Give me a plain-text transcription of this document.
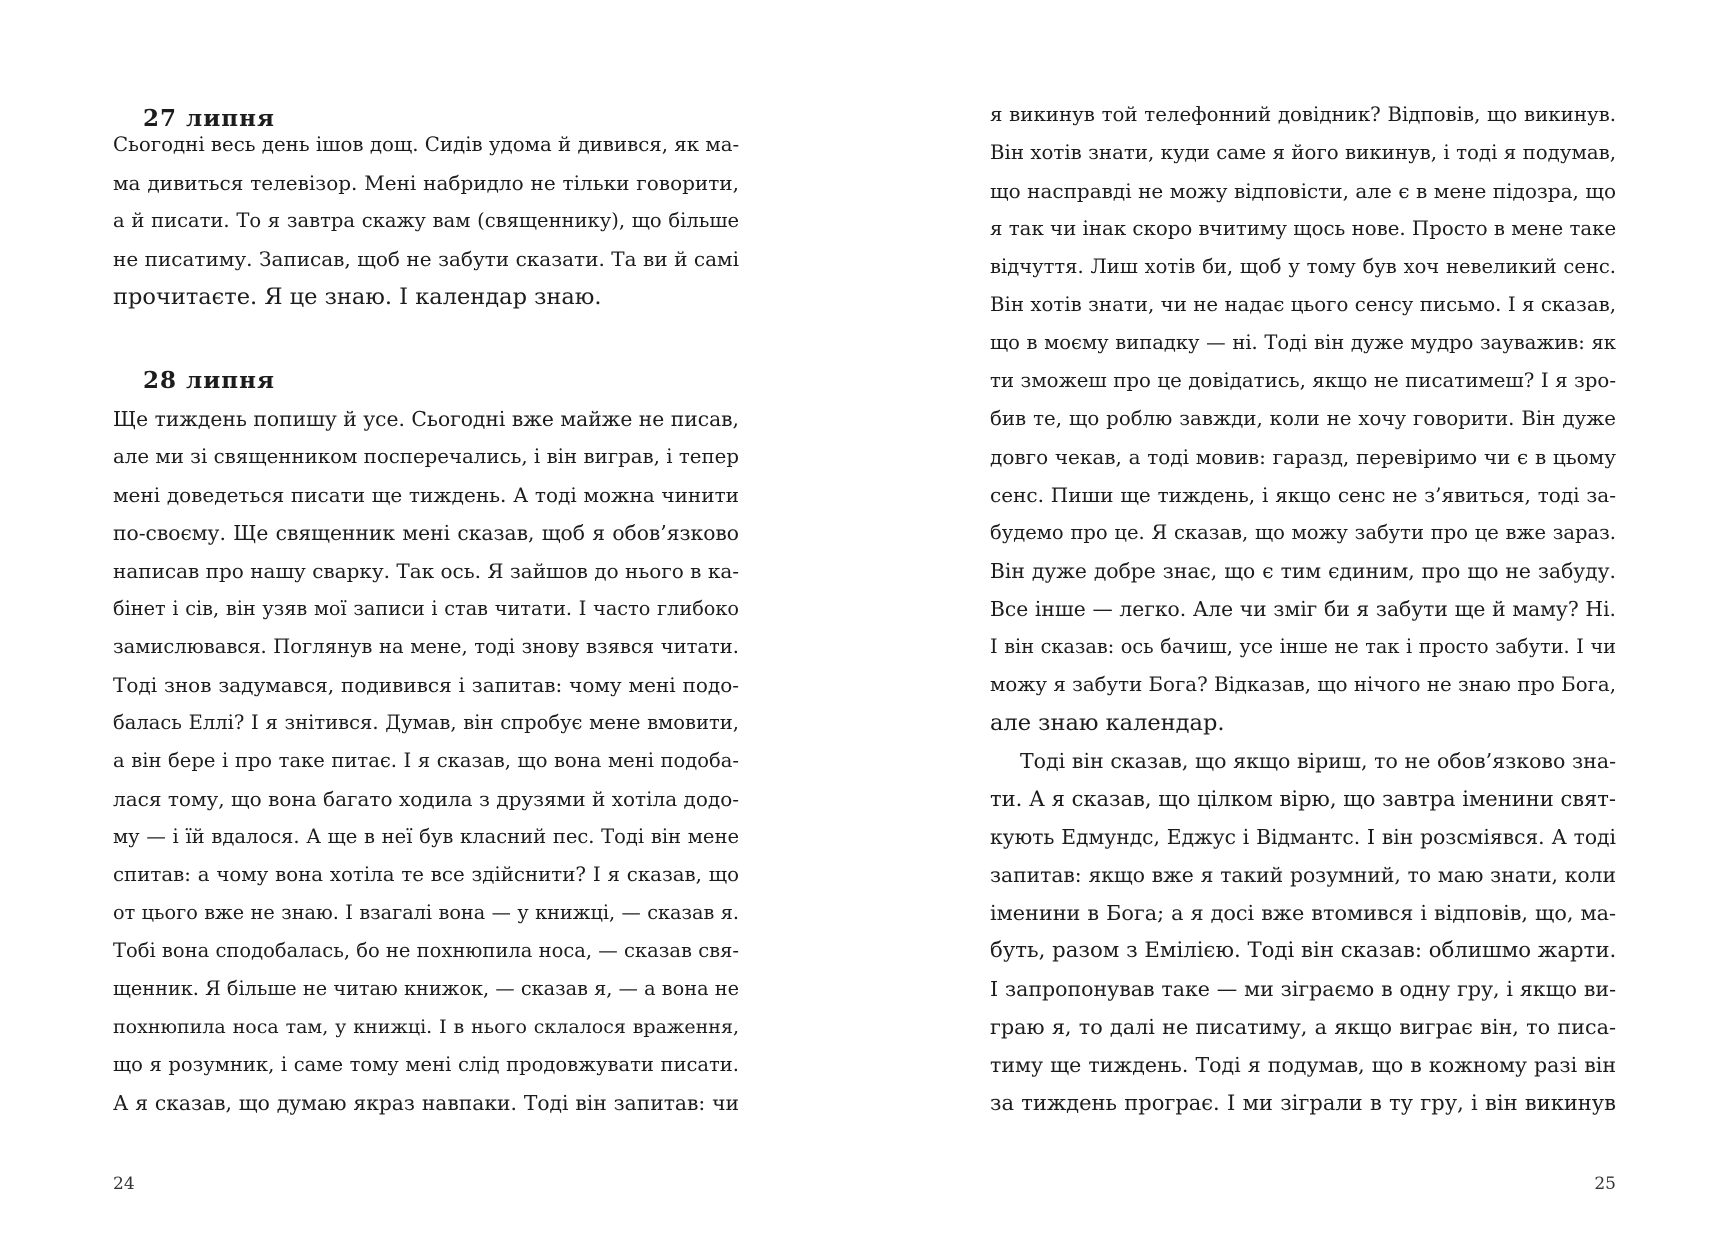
27 липня
Сьогодні весь день ішов дощ. Сидів удома й дивився, як ма-
ма дивиться телевізор. Мені набридло не тільки говорити,
а й писати. То я завтра скажу вам (священнику), що більше
не писатиму. Записав, щоб не забути сказати. Та ви й самі
прочитаєте. Я це знаю. І календар знаю.
28 липня
Ще тиждень попишу й усе. Сьогодні вже майже не писав,
але ми зі священником посперечались, і він виграв, і тепер
мені доведеться писати ще тиждень. А тоді можна чинити
по-своєму. Ще священник мені сказав, щоб я обов’язково
написав про нашу сварку. Так ось. Я зайшов до нього в ка-
бінет і сів, він узяв мої записи і став читати. І часто глибоко
замислювався. Поглянув на мене, тоді знову взявся читати.
Тоді знов задумався, подивився і запитав: чому мені подо-
балась Еллі? І я знітився. Думав, він спробує мене вмовити,
а він бере і про таке питає. І я сказав, що вона мені подоба-
лася тому, що вона багато ходила з друзями й хотіла додо-
му — і їй вдалося. А ще в неї був класний пес. Тоді він мене
спитав: а чому вона хотіла те все здійснити? І я сказав, що
от цього вже не знаю. І взагалі вона — у книжці, — сказав я.
Тобі вона сподобалась, бо не похнюпила носа, — сказав свя-
щенник. Я більше не читаю книжок, — сказав я, — а вона не
похнюпила носа там, у книжці. І в нього склалося враження,
що я розумник, і саме тому мені слід продовжувати писати.
А я сказав, що думаю якраз навпаки. Тоді він запитав: чи
24
я викинув той телефонний довідник? Відповів, що викинув.
Він хотів знати, куди саме я його викинув, і тоді я подумав,
що насправді не можу відповісти, але є в мене підозра, що
я так чи інак скоро вчитиму щось нове. Просто в мене таке
відчуття. Лиш хотів би, щоб у тому був хоч невеликий сенс.
Він хотів знати, чи не надає цього сенсу письмо. І я сказав,
що в моєму випадку — ні. Тоді він дуже мудро зауважив: як
ти зможеш про це довідатись, якщо не писатимеш? І я зро-
бив те, що роблю завжди, коли не хочу говорити. Він дуже
довго чекав, а тоді мовив: гаразд, перевіримо чи є в цьому
сенс. Пиши ще тиждень, і якщо сенс не з’явиться, тоді за-
будемо про це. Я сказав, що можу забути про це вже зараз.
Він дуже добре знає, що є тим єдиним, про що не забуду.
Все інше — легко. Але чи зміг би я забути ще й маму? Ні.
І він сказав: ось бачиш, усе інше не так і просто забути. І чи
можу я забути Бога? Відказав, що нічого не знаю про Бога,
але знаю календар.
Тоді він сказав, що якщо віриш, то не обов’язково зна-
ти. А я сказав, що цілком вірю, що завтра іменини свят-
кують Едмундс, Еджус і Відмантс. І він розсміявся. А тоді
запитав: якщо вже я такий розумний, то маю знати, коли
іменини в Бога; а я досі вже втомився і відповів, що, ма-
буть, разом з Емілією. Тоді він сказав: облишмо жарти.
І запропонував таке — ми зіграємо в одну гру, і якщо ви-
граю я, то далі не писатиму, а якщо виграє він, то писа-
тиму ще тиждень. Тоді я подумав, що в кожному разі він
за тиждень програє. І ми зіграли в ту гру, і він викинув
25
